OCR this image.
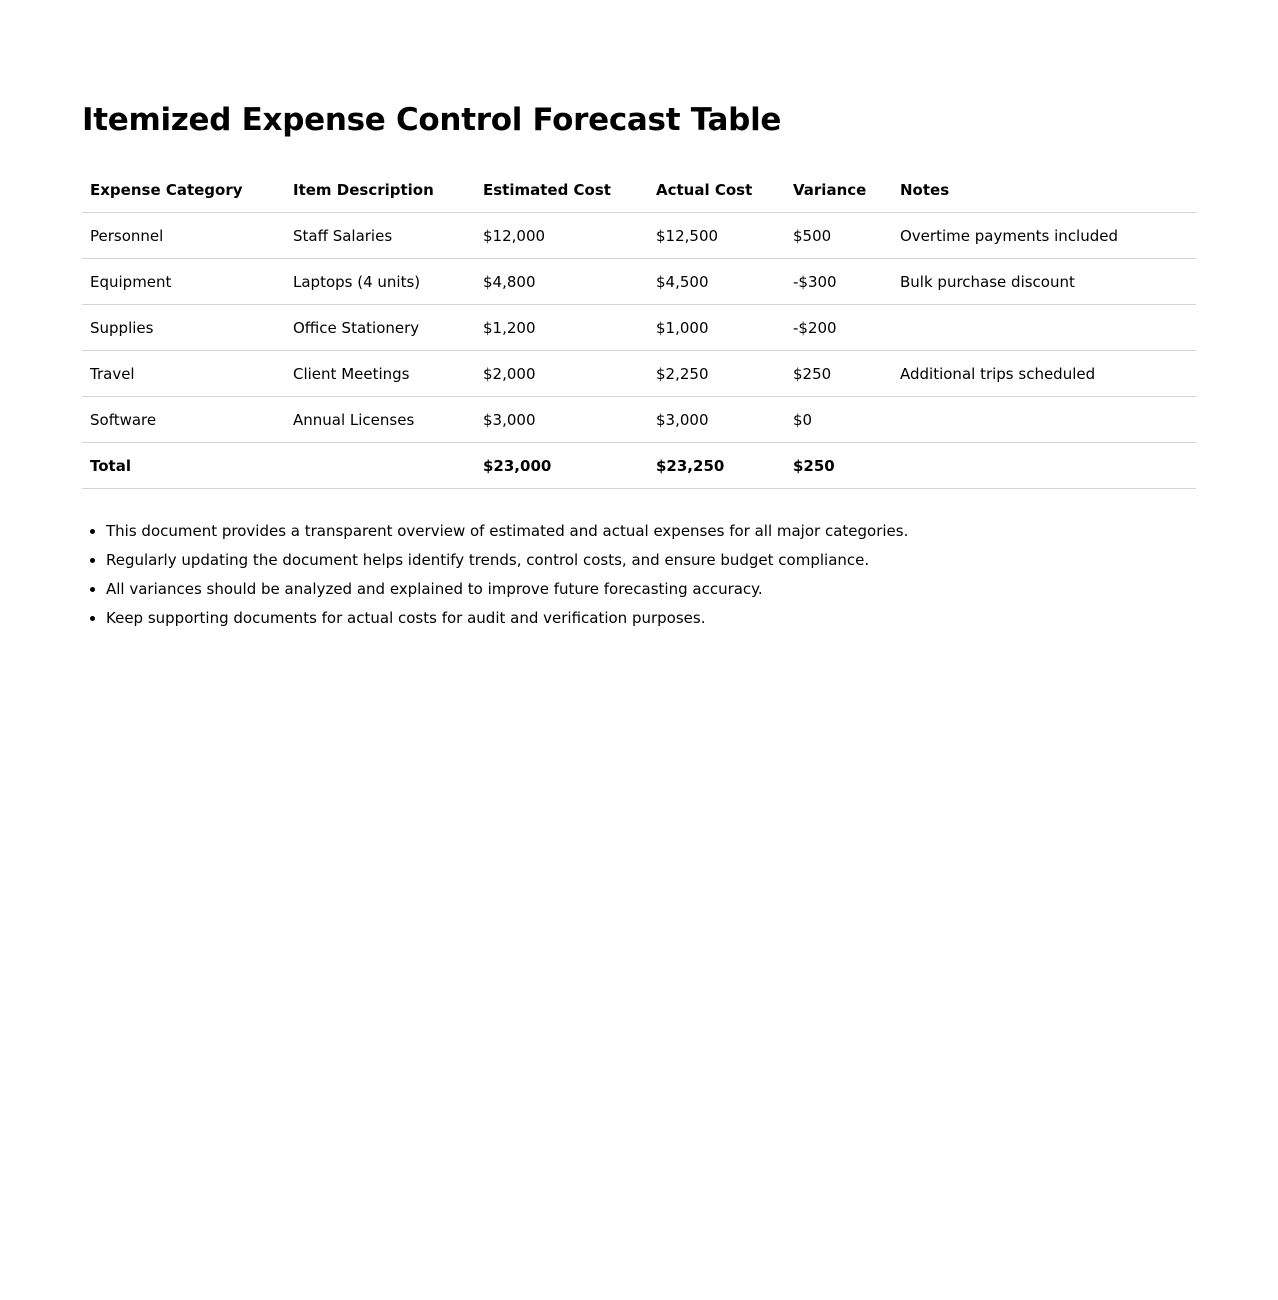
Itemized Expense Control Forecast Table
Expense Category	Item Description	Estimated Cost	Actual Cost	Variance	Notes
Personnel	Staff Salaries	$12,000	$12,500	$500	Overtime payments included
Equipment	Laptops (4 units)	$4,800	$4,500	-$300	Bulk purchase discount
Supplies	Office Stationery	$1,200	$1,000	-$200	
Travel	Client Meetings	$2,000	$2,250	$250	Additional trips scheduled
Software	Annual Licenses	$3,000	$3,000	$0	
Total		$23,000	$23,250	$250	
• This document provides a transparent overview of estimated and actual expenses for all major categories.
• Regularly updating the document helps identify trends, control costs, and ensure budget compliance.
• All variances should be analyzed and explained to improve future forecasting accuracy.
• Keep supporting documents for actual costs for audit and verification purposes.
